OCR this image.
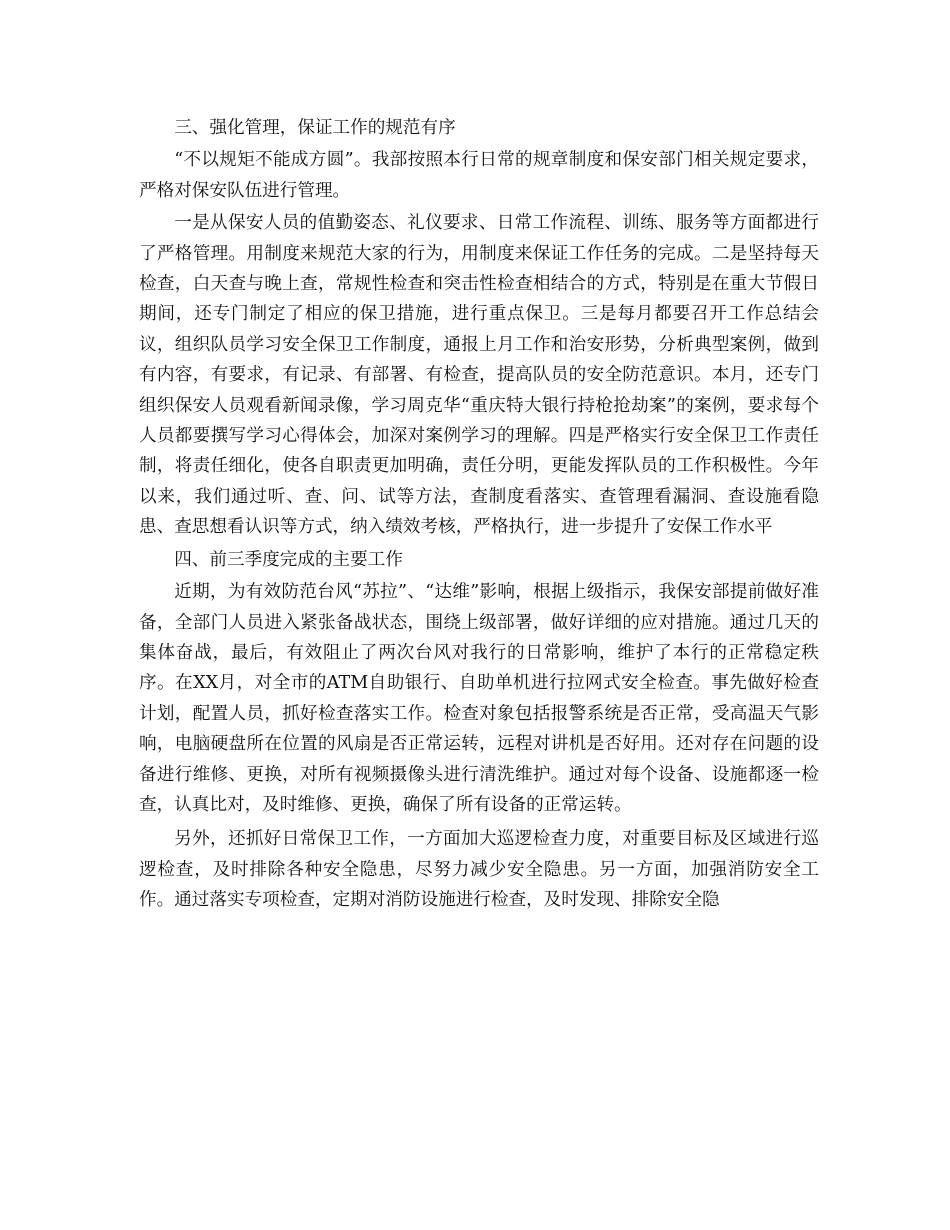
三、强化管理，保证工作的规范有序

“不以规矩不能成方圆”。我部按照本行日常的规章制度和保安部门相关规定要求，严格对保安队伍进行管理。

一是从保安人员的值勤姿态、礼仪要求、日常工作流程、训练、服务等方面都进行了严格管理。用制度来规范大家的行为，用制度来保证工作任务的完成。二是坚持每天检查，白天查与晚上查，常规性检查和突击性检查相结合的方式，特别是在重大节假日期间，还专门制定了相应的保卫措施，进行重点保卫。三是每月都要召开工作总结会议，组织队员学习安全保卫工作制度，通报上月工作和治安形势，分析典型案例，做到有内容，有要求，有记录、有部署、有检查，提高队员的安全防范意识。本月，还专门组织保安人员观看新闻录像，学习周克华“重庆特大银行持枪抢劫案”的案例，要求每个人员都要撰写学习心得体会，加深对案例学习的理解。四是严格实行安全保卫工作责任制，将责任细化，使各自职责更加明确，责任分明，更能发挥队员的工作积极性。今年以来，我们通过听、查、问、试等方法，查制度看落实、查管理看漏洞、查设施看隐患、查思想看认识等方式，纳入绩效考核，严格执行，进一步提升了安保工作水平

四、前三季度完成的主要工作

近期，为有效防范台风“苏拉”、“达维”影响，根据上级指示，我保安部提前做好准备，全部门人员进入紧张备战状态，围绕上级部署，做好详细的应对措施。通过几天的集体奋战，最后，有效阻止了两次台风对我行的日常影响，维护了本行的正常稳定秩序。在XX月，对全市的ATM自助银行、自助单机进行拉网式安全检查。事先做好检查计划，配置人员，抓好检查落实工作。检查对象包括报警系统是否正常，受高温天气影响，电脑硬盘所在位置的风扇是否正常运转，远程对讲机是否好用。还对存在问题的设备进行维修、更换，对所有视频摄像头进行清洗维护。通过对每个设备、设施都逐一检查，认真比对，及时维修、更换，确保了所有设备的正常运转。

另外，还抓好日常保卫工作，一方面加大巡逻检查力度，对重要目标及区域进行巡逻检查，及时排除各种安全隐患，尽努力减少安全隐患。另一方面，加强消防安全工作。通过落实专项检查，定期对消防设施进行检查，及时发现、排除安全隐
